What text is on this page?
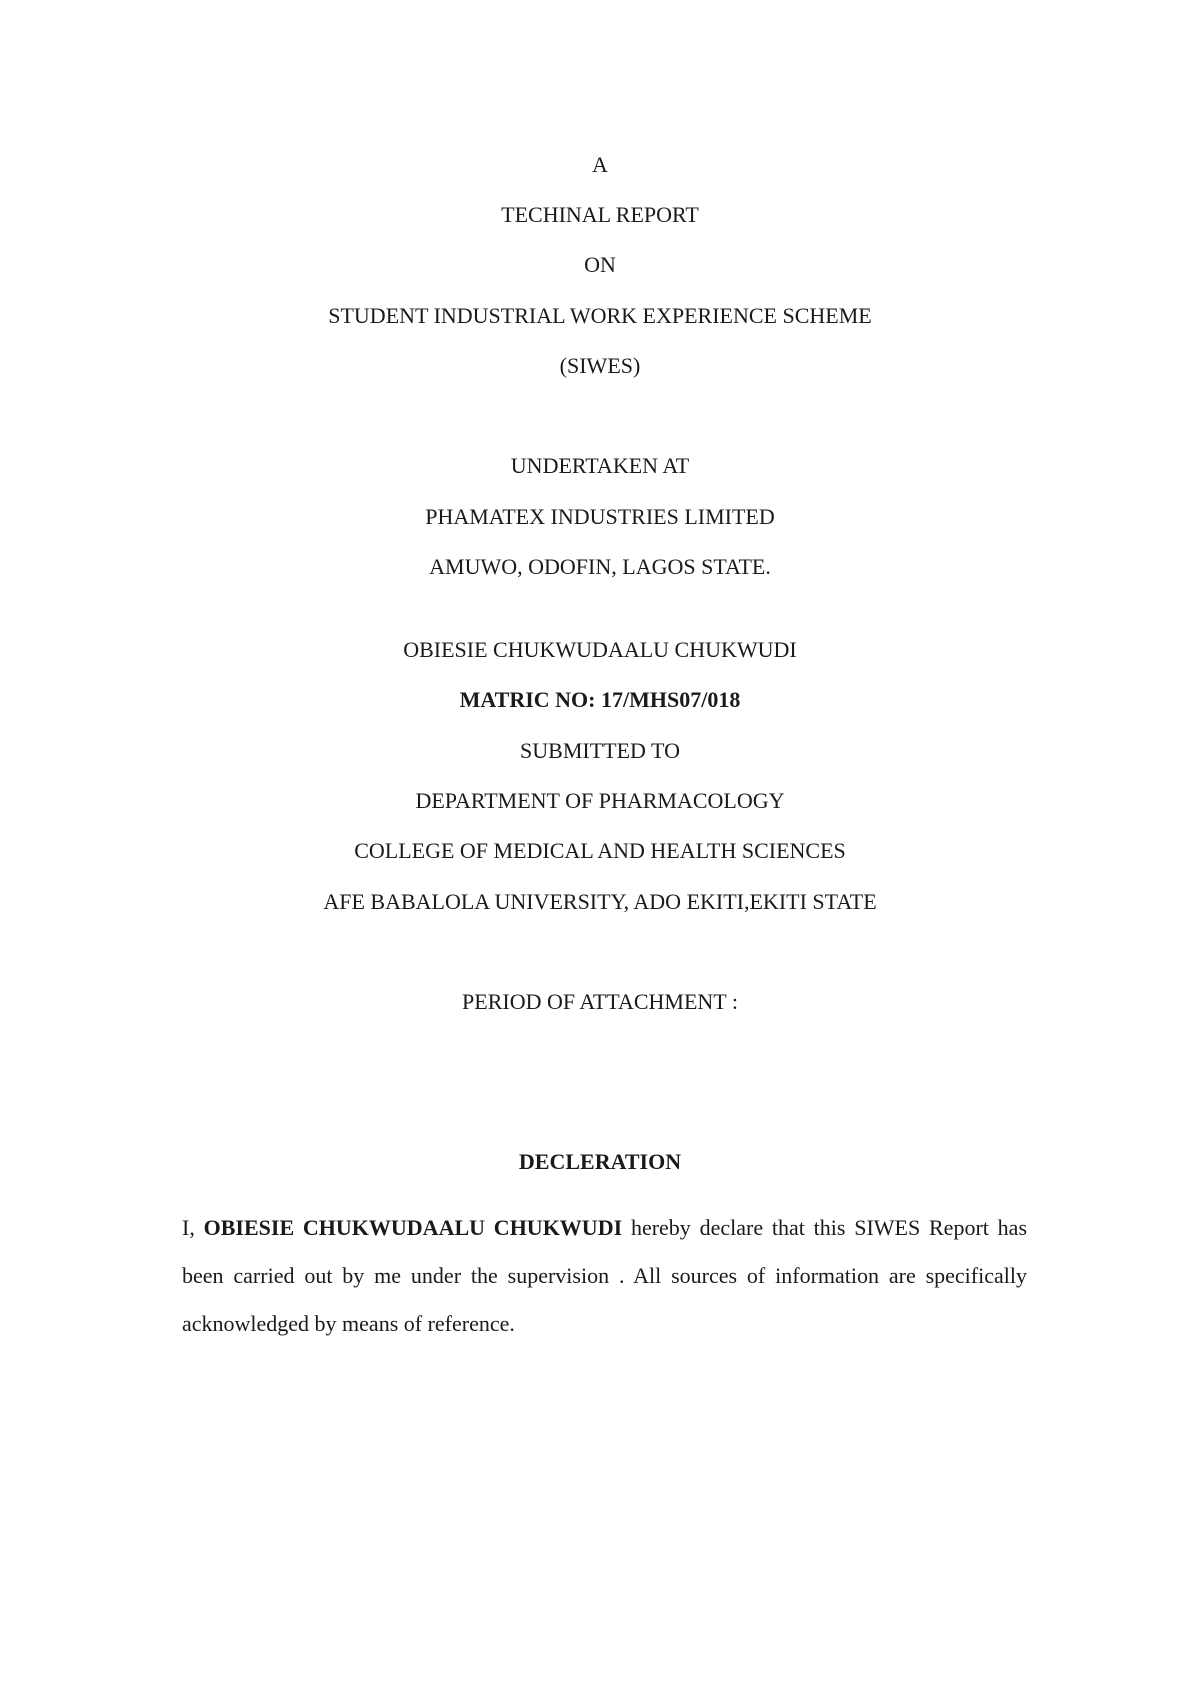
A
TECHINAL REPORT
ON
STUDENT INDUSTRIAL WORK EXPERIENCE SCHEME
(SIWES)
UNDERTAKEN AT
PHAMATEX INDUSTRIES LIMITED
AMUWO, ODOFIN, LAGOS STATE.
OBIESIE CHUKWUDAALU CHUKWUDI
MATRIC NO: 17/MHS07/018
SUBMITTED TO
DEPARTMENT OF PHARMACOLOGY
COLLEGE OF MEDICAL AND HEALTH SCIENCES
AFE BABALOLA UNIVERSITY, ADO EKITI,EKITI STATE
PERIOD OF ATTACHMENT :
DECLERATION
I, OBIESIE CHUKWUDAALU CHUKWUDI hereby declare that this SIWES Report has been carried out by me under the supervision . All sources of information are specifically acknowledged by means of reference.
